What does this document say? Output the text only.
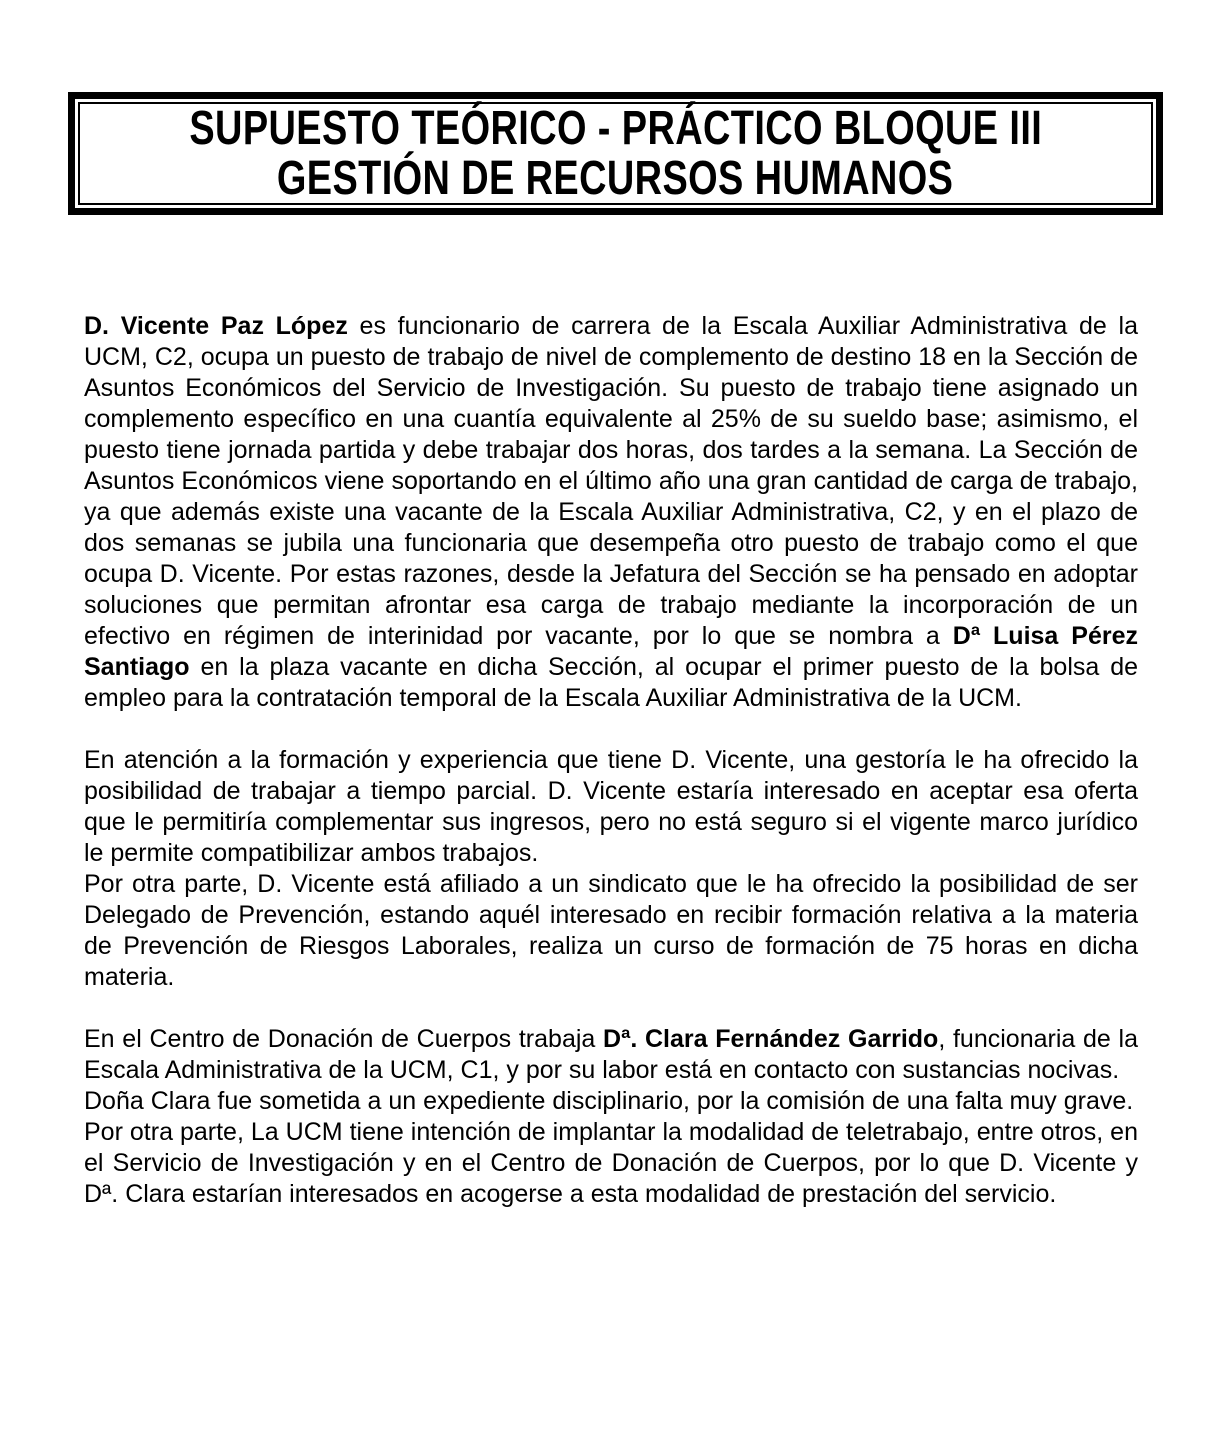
SUPUESTO TEÓRICO - PRÁCTICO BLOQUE III
GESTIÓN DE RECURSOS HUMANOS

D. Vicente Paz López es funcionario de carrera de la Escala Auxiliar Administrativa de la UCM, C2, ocupa un puesto de trabajo de nivel de complemento de destino 18 en la Sección de Asuntos Económicos del Servicio de Investigación. Su puesto de trabajo tiene asignado un complemento específico en una cuantía equivalente al 25% de su sueldo base; asimismo, el puesto tiene jornada partida y debe trabajar dos horas, dos tardes a la semana. La Sección de Asuntos Económicos viene soportando en el último año una gran cantidad de carga de trabajo, ya que además existe una vacante de la Escala Auxiliar Administrativa, C2, y en el plazo de dos semanas se jubila una funcionaria que desempeña otro puesto de trabajo como el que ocupa D. Vicente. Por estas razones, desde la Jefatura del Sección se ha pensado en adoptar soluciones que permitan afrontar esa carga de trabajo mediante la incorporación de un efectivo en régimen de interinidad por vacante, por lo que se nombra a Dª Luisa Pérez Santiago en la plaza vacante en dicha Sección, al ocupar el primer puesto de la bolsa de empleo para la contratación temporal de la Escala Auxiliar Administrativa de la UCM.

En atención a la formación y experiencia que tiene D. Vicente, una gestoría le ha ofrecido la posibilidad de trabajar a tiempo parcial. D. Vicente estaría interesado en aceptar esa oferta que le permitiría complementar sus ingresos, pero no está seguro si el vigente marco jurídico le permite compatibilizar ambos trabajos.

Por otra parte, D. Vicente está afiliado a un sindicato que le ha ofrecido la posibilidad de ser Delegado de Prevención, estando aquél interesado en recibir formación relativa a la materia de Prevención de Riesgos Laborales, realiza un curso de formación de 75 horas en dicha materia.

En el Centro de Donación de Cuerpos trabaja Dª. Clara Fernández Garrido, funcionaria de la Escala Administrativa de la UCM, C1, y por su labor está en contacto con sustancias nocivas.

Doña Clara fue sometida a un expediente disciplinario, por la comisión de una falta muy grave.

Por otra parte, La UCM tiene intención de implantar la modalidad de teletrabajo, entre otros, en el Servicio de Investigación y en el Centro de Donación de Cuerpos, por lo que D. Vicente y Dª. Clara estarían interesados en acogerse a esta modalidad de prestación del servicio.
